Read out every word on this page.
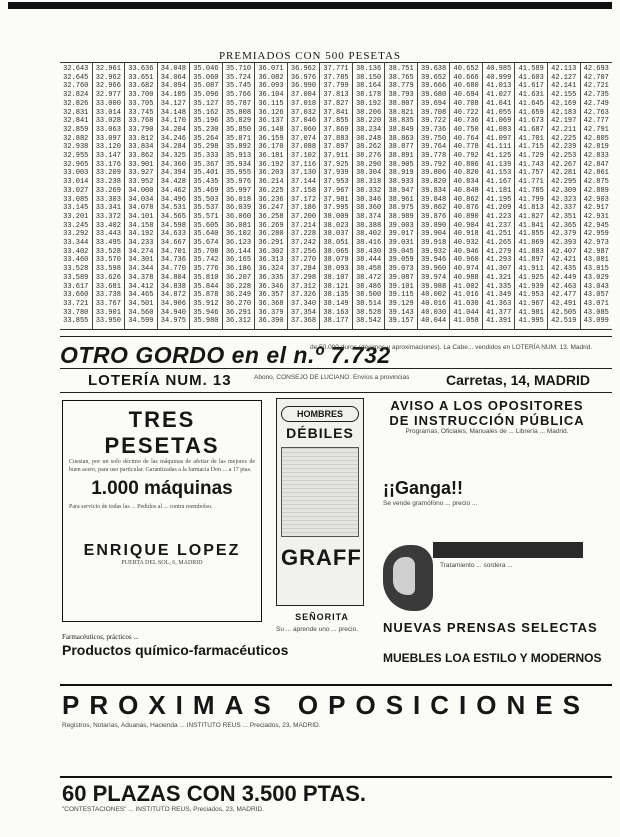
PREMIADOS CON 500 PESETAS
32.643
32.645
32.760
32.824
32.826
32.831
32.841
32.859
32.882
32.938
32.955
32.965
33.003
33.014
33.027
33.085
33.145
33.201
33.245
33.292
33.344
33.402
33.460
33.528
33.589
33.617
33.660
33.721
33.780
33.855
32.961
32.962
32.966
32.977
33.000
33.014
33.028
33.063
33.097
33.120
33.147
33.176
33.209
33.238
33.269
33.303
33.341
33.372
33.402
33.443
33.495
33.528
33.570
33.598
33.626
33.681
33.738
33.767
33.901
33.950
33.636
33.651
33.682
33.700
33.705
33.745
33.768
33.790
33.812
33.834
33.862
33.901
33.927
33.952
34.000
34.034
34.078
34.101
34.158
34.192
34.233
34.274
34.301
34.344
34.378
34.412
34.465
34.501
34.560
34.599
34.048
34.064
34.094
34.105
34.127
34.148
34.170
34.204
34.246
34.284
34.325
34.360
34.394
34.428
34.462
34.496
34.531
34.565
34.598
34.633
34.667
34.701
34.736
34.770
34.804
34.838
34.872
34.906
34.940
34.975
35.046
35.060
35.087
35.096
35.127
35.162
35.196
35.230
35.264
35.298
35.333
35.367
35.401
35.435
35.469
35.503
35.537
35.571
35.605
35.640
35.674
35.708
35.742
35.776
35.810
35.844
35.878
35.912
35.946
35.980
35.710
35.724
35.745
35.766
35.787
35.808
35.829
35.850
35.871
35.892
35.913
35.934
35.955
35.976
35.997
36.018
36.039
36.060
36.081
36.102
36.123
36.144
36.165
36.186
36.207
36.228
36.249
36.270
36.291
36.312
36.071
36.082
36.093
36.104
36.115
36.126
36.137
36.148
36.159
36.170
36.181
36.192
36.203
36.214
36.225
36.236
36.247
36.258
36.269
36.280
36.291
36.302
36.313
36.324
36.335
36.346
36.357
36.368
36.379
36.390
36.962
36.976
36.990
37.004
37.018
37.032
37.046
37.060
37.074
37.088
37.102
37.116
37.130
37.144
37.158
37.172
37.186
37.200
37.214
37.228
37.242
37.256
37.270
37.284
37.298
37.312
37.326
37.340
37.354
37.368
37.771
37.785
37.799
37.813
37.827
37.841
37.855
37.869
37.883
37.897
37.911
37.925
37.939
37.953
37.967
37.981
37.995
38.009
38.023
38.037
38.051
38.065
38.079
38.093
38.107
38.121
38.135
38.149
38.163
38.177
38.136
38.150
38.164
38.178
38.192
38.206
38.220
38.234
38.248
38.262
38.276
38.290
38.304
38.318
38.332
38.346
38.360
38.374
38.388
38.402
38.416
38.430
38.444
38.458
38.472
38.486
38.500
38.514
38.528
38.542
38.751
38.765
38.779
38.793
38.807
38.821
38.835
38.849
38.863
38.877
38.891
38.905
38.919
38.933
38.947
38.961
38.975
38.989
39.003
39.017
39.031
39.045
39.059
39.073
39.087
39.101
39.115
39.129
39.143
39.157
39.638
39.652
39.666
39.680
39.694
39.708
39.722
39.736
39.750
39.764
39.778
39.792
39.806
39.820
39.834
39.848
39.862
39.876
39.890
39.904
39.918
39.932
39.946
39.960
39.974
39.988
40.002
40.016
40.030
40.044
40.652
40.666
40.680
40.694
40.708
40.722
40.736
40.750
40.764
40.778
40.792
40.806
40.820
40.834
40.848
40.862
40.876
40.890
40.904
40.918
40.932
40.946
40.960
40.974
40.988
41.002
41.016
41.030
41.044
41.058
40.985
40.999
41.013
41.027
41.041
41.055
41.069
41.083
41.097
41.111
41.125
41.139
41.153
41.167
41.181
41.195
41.209
41.223
41.237
41.251
41.265
41.279
41.293
41.307
41.321
41.335
41.349
41.363
41.377
41.391
41.589
41.603
41.617
41.631
41.645
41.659
41.673
41.687
41.701
41.715
41.729
41.743
41.757
41.771
41.785
41.799
41.813
41.827
41.841
41.855
41.869
41.883
41.897
41.911
41.925
41.939
41.953
41.967
41.981
41.995
42.113
42.127
42.141
42.155
42.169
42.183
42.197
42.211
42.225
42.239
42.253
42.267
42.281
42.295
42.309
42.323
42.337
42.351
42.365
42.379
42.393
42.407
42.421
42.435
42.449
42.463
42.477
42.491
42.505
42.519
42.693
42.707
42.721
42.735
42.749
42.763
42.777
42.791
42.805
42.819
42.833
42.847
42.861
42.875
42.889
42.903
42.917
42.931
42.945
42.959
42.973
42.987
43.001
43.015
43.029
43.043
43.057
43.071
43.085
43.099
OTRO GORDO en el n.º 7.732
de 50.000 duros (décimos y aproximaciones). La Cabe... vendidos en LOTERÍA NUM. 13. Madrid.
LOTERÍA NUM. 13	Abono, CONSEJO DE LUCIANO. Envíos a provincias	Carretas, 14, MADRID
TRES PESETAS
Cuestan, por un solo décimo de las máquinas de afeitar de las mejores de buen acero, para uso particular. Garantizadas a la farmacia Don ... a 17 ptas.
1.000 máquinas
Para servicio de todas las ... Pedidos al ... contra reembolso.
ENRIQUE LOPEZ
PUERTA DEL SOL, 6, MADRID
HOMBRES
DÉBILES
GRAFF
SEÑORITA
Su ... aprende uno ... precio.
AVISO A LOS OPOSITORES DE INSTRUCCIÓN PÚBLICA
Programas, Oficiales, Manuales de ... Librería ... Madrid.
¡¡Ganga!!
Se vende gramófono ... precio ...
Tratamiento ... sordera ...
NUEVAS PRENSAS SELECTAS
MUEBLES LOA ESTILO Y MODERNOS
Farmacéuticos, prácticos ...
Productos químico-farmacéuticos
PROXIMAS OPOSICIONES
Registros, Notarías, Aduanas, Hacienda ... INSTITUTO REUS ... Preciados, 23, MADRID.
60 PLAZAS CON 3.500 PTAS.
"CONTESTACIONES" ... INSTITUTO REUS, Preciados, 23, MADRID.
